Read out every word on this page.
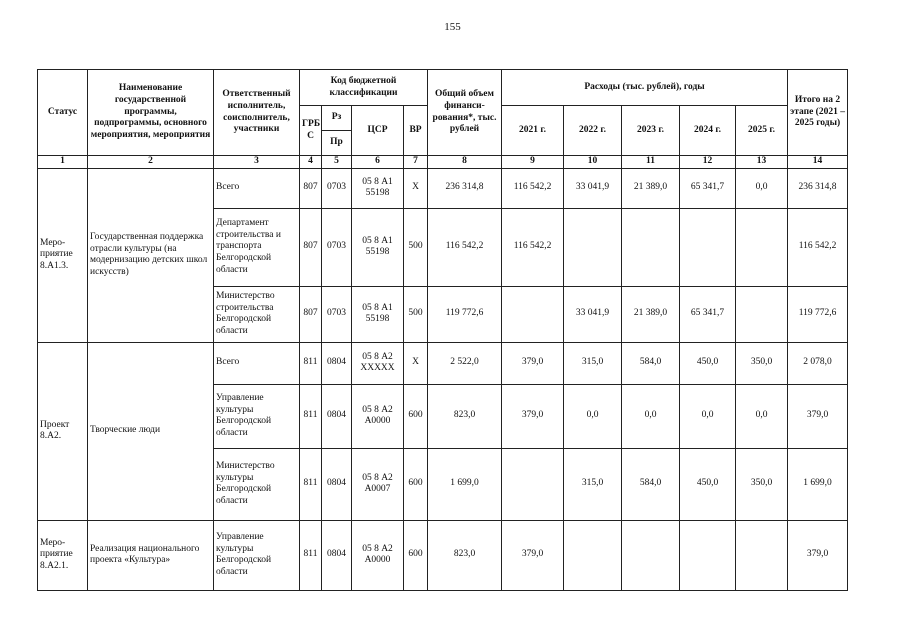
155
Статус	Наименование государственной программы, подпрограммы, основного мероприятия, мероприятия	Ответственный исполнитель, соисполнитель, участники	Код бюджетной классификации				Общий объем финанси-рования*, тыс. рублей	Расходы (тыс. рублей), годы					Итого на 2 этапе (2021 – 2025 годы)
			ГРБ С	Рз	ЦСР	ВР		2021 г.	2022 г.	2023 г.	2024 г.	2025 г.	
				Пр									
1	2	3	4	5	6	7	8	9	10	11	12	13	14
Меро-приятие 8.А1.3.	Государственная поддержка отрасли культуры (на модернизацию детских школ искусств)	Всего	807	0703	05 8 А1 55198	Х	236 314,8	116 542,2	33 041,9	21 389,0	65 341,7	0,0	236 314,8
		Департамент строительства и транспорта Белгородской области	807	0703	05 8 А1 55198	500	116 542,2	116 542,2					116 542,2
		Министерство строительства Белгородской области	807	0703	05 8 А1 55198	500	119 772,6		33 041,9	21 389,0	65 341,7		119 772,6
Проект 8.А2.	Творческие люди	Всего	811	0804	05 8 А2 ХХХХХ	Х	2 522,0	379,0	315,0	584,0	450,0	350,0	2 078,0
		Управление культуры Белгородской области	811	0804	05 8 А2 А0000	600	823,0	379,0	0,0	0,0	0,0	0,0	379,0
		Министерство культуры Белгородской области	811	0804	05 8 А2 А0007	600	1 699,0		315,0	584,0	450,0	350,0	1 699,0
Меро-приятие 8.А2.1.	Реализация национального проекта «Культура»	Управление культуры Белгородской области	811	0804	05 8 А2 А0000	600	823,0	379,0					379,0
